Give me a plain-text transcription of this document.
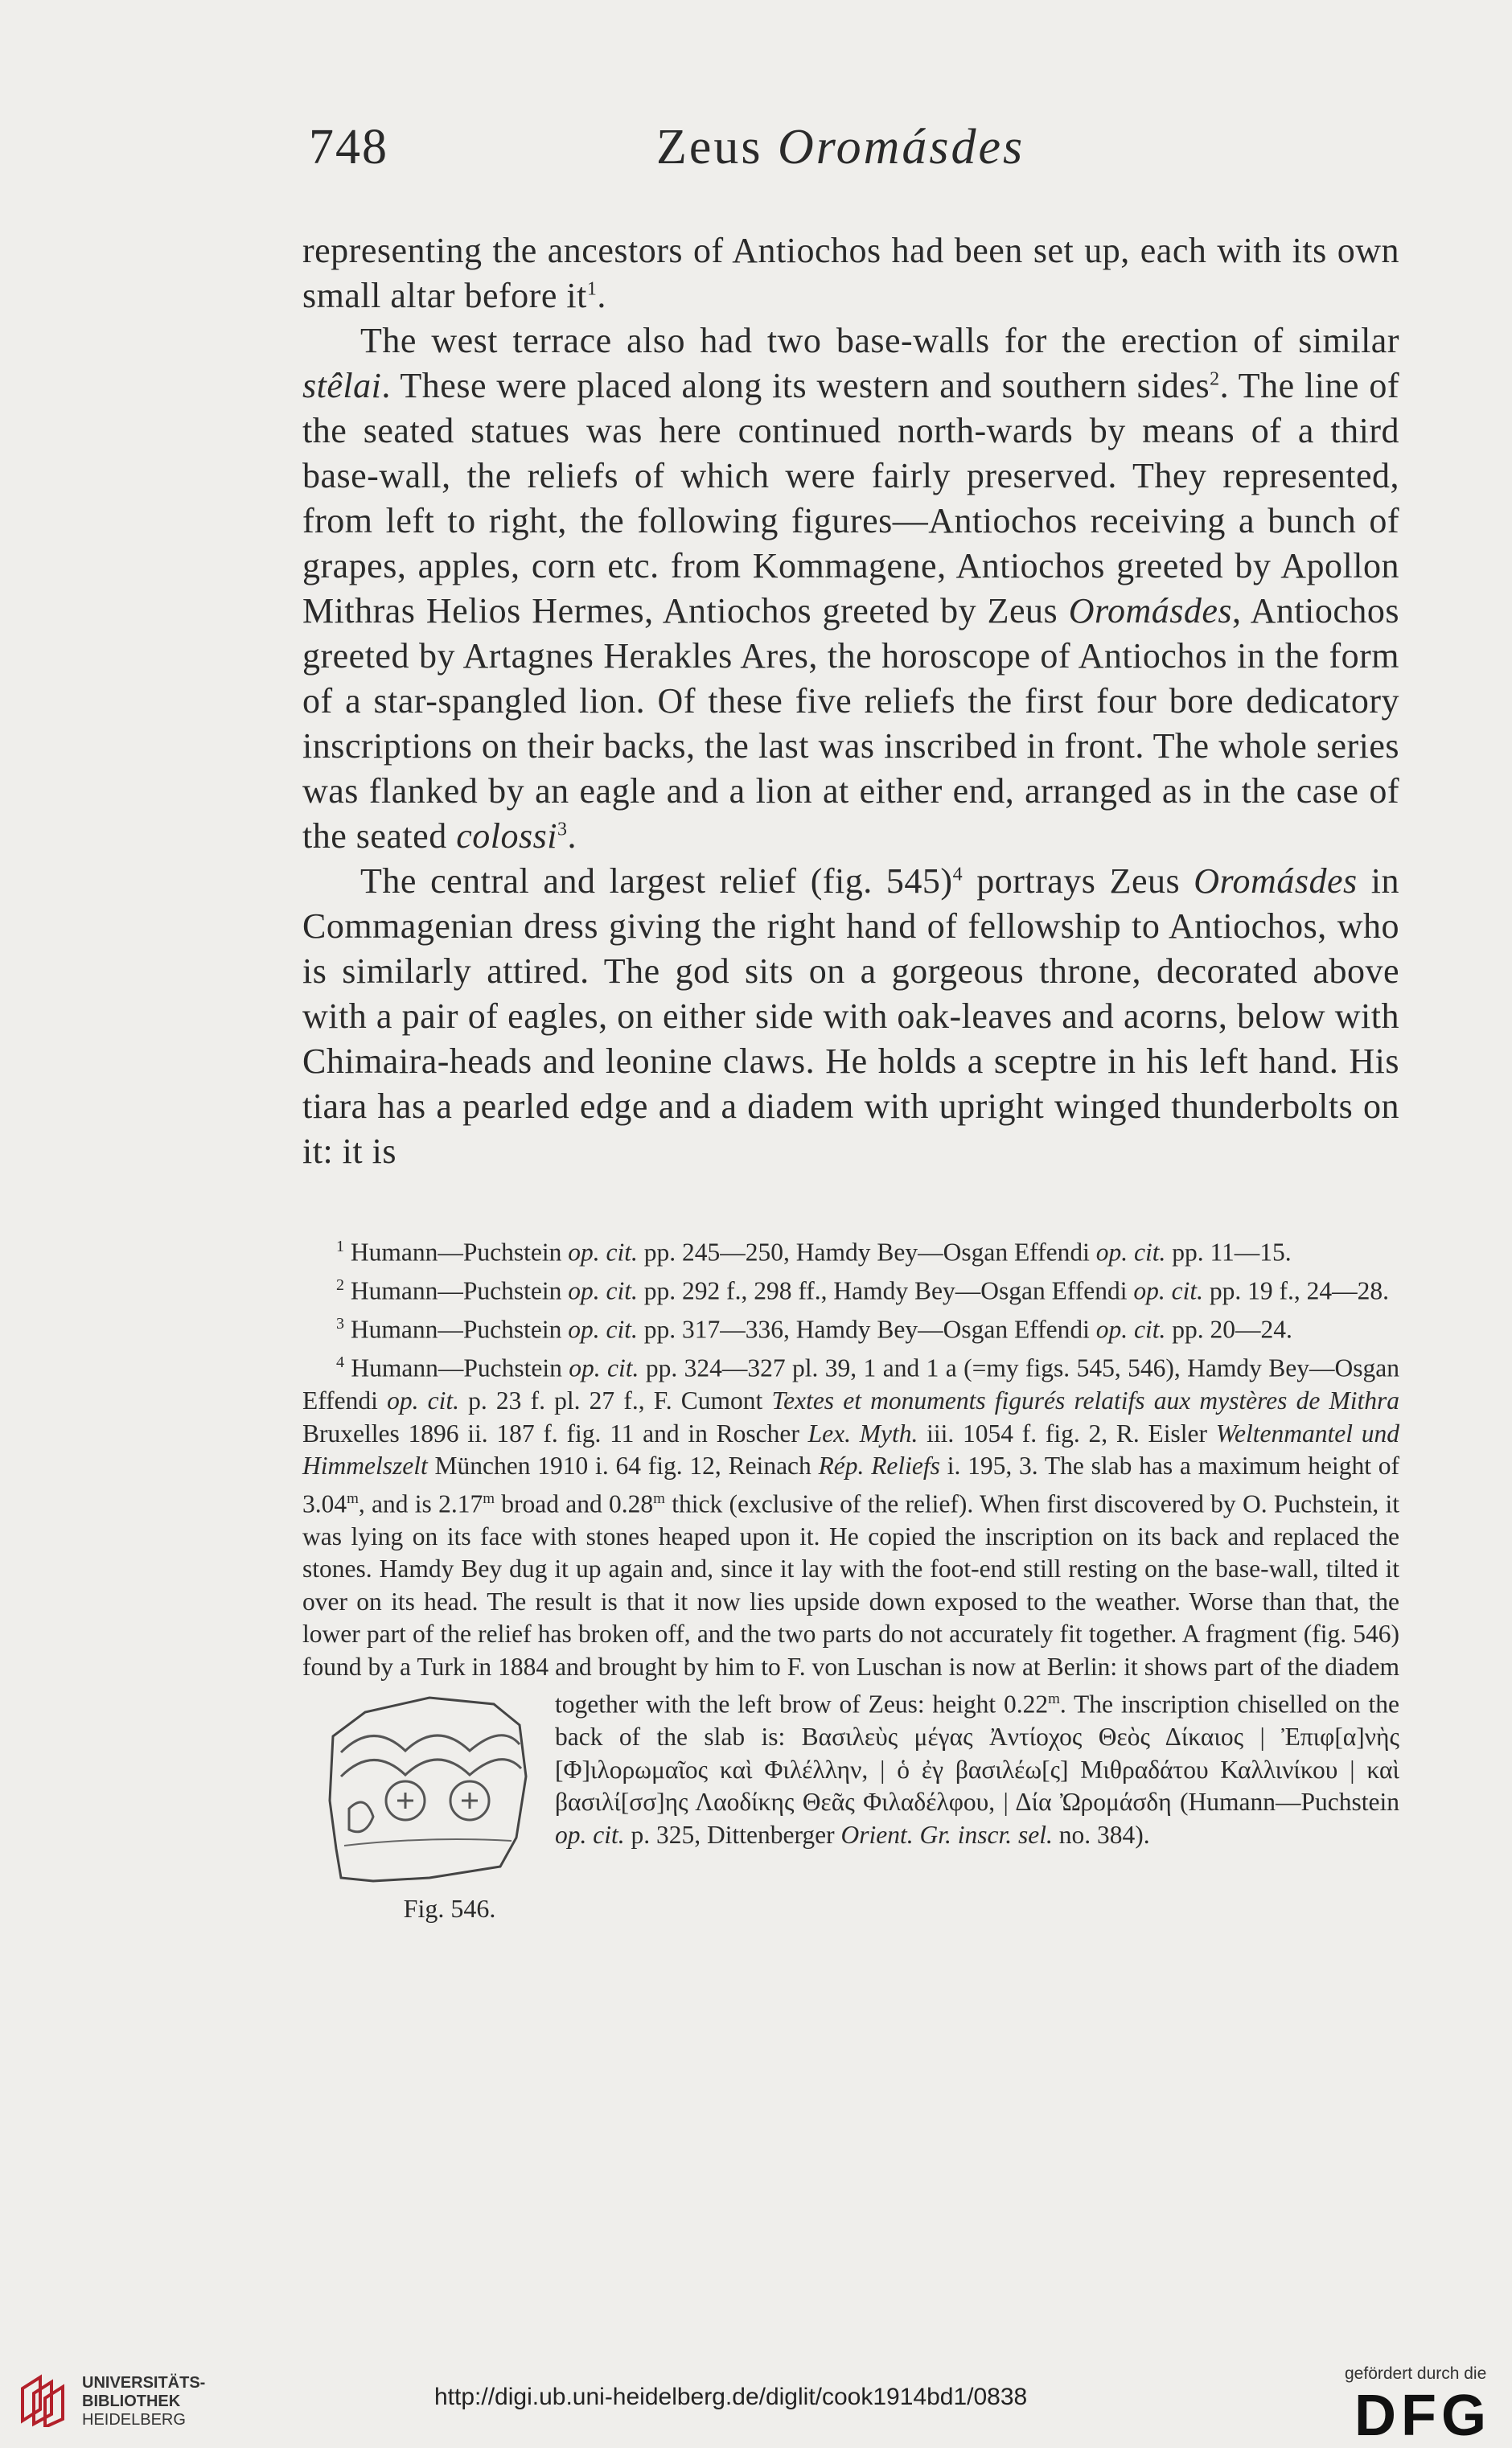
748	Zeus Oromásdes

representing the ancestors of Antiochos had been set up, each with its own small altar before $it^1$.

The west terrace also had two base-walls for the erection of similar stêlai. These were placed along its western and southern sides$^2$. The line of the seated statues was here continued north-wards by means of a third base-wall, the reliefs of which were fairly preserved. They represented, from left to right, the following figures—Antiochos receiving a bunch of grapes, apples, corn etc. from Kommagene, Antiochos greeted by Apollon Mithras Helios Hermes, Antiochos greeted by Zeus Oromásdes, Antiochos greeted by Artagnes Herakles Ares, the horoscope of Antiochos in the form of a star-spangled lion. Of these five reliefs the first four bore dedicatory inscriptions on their backs, the last was inscribed in front. The whole series was flanked by an eagle and a lion at either end, arranged as in the case of the seated colossi$^3$.

The central and largest relief (fig. 545)$^4$ portrays Zeus Oromásdes in Commagenian dress giving the right hand of fellowship to Antiochos, who is similarly attired. The god sits on a gorgeous throne, decorated above with a pair of eagles, on either side with oak-leaves and acorns, below with Chimaira-heads and leonine claws. He holds a sceptre in his left hand. His tiara has a pearled edge and a diadem with upright winged thunderbolts on it: it is

$^1$ Humann—Puchstein op. cit. pp. 245—250, Hamdy Bey—Osgan Effendi op. cit. pp. 11—15.

$^2$ Humann—Puchstein op. cit. pp. 292 f., 298 ff., Hamdy Bey—Osgan Effendi op. cit. pp. 19 f., 24—28.

$^3$ Humann—Puchstein op. cit. pp. 317—336, Hamdy Bey—Osgan Effendi op. cit. pp. 20—24.

$^4$ Humann—Puchstein op. cit. pp. 324—327 pl. 39, 1 and 1 a (=my figs. 545, 546), Hamdy Bey—Osgan Effendi op. cit. p. 23 f. pl. 27 f., F. Cumont Textes et monuments figurés relatifs aux mystères de Mithra Bruxelles 1896 ii. 187 f. fig. 11 and in Roscher Lex. Myth. iii. 1054 f. fig. 2, R. Eisler Weltenmantel und Himmelszelt München 1910 i. 64 fig. 12, Reinach Rép. Reliefs i. 195, 3. The slab has a maximum height of 3.04$^m$, and is 2.17$^m$ broad and 0.28$^m$ thick (exclusive of the relief). When first discovered by O. Puchstein, it was lying on its face with stones heaped upon it. He copied the inscription on its back and replaced the stones. Hamdy Bey dug it up again and, since it lay with the foot-end still resting on the base-wall, tilted it over on its head. The result is that it now lies upside down exposed to the weather. Worse than that, the lower part of the relief has broken off, and the two parts do not accurately fit together. A fragment (fig. 546) found by a Turk in 1884 and brought by him to F. von Luschan is now at Berlin: it shows part of the diadem together with the left brow of Zeus: height 0.22
Fig. 546.
$^m$. The inscription chiselled on the back of the slab is: Βασιλεὺς μέγας Ἀντίοχος Θεὸς Δίκαιος | Ἐπιφ[α]νὴς [Φ]ιλορωμαῖος καὶ Φιλέλλην, | ὁ ἐγ βασιλέω[ς] Μιθραδάτου Καλλινίκου | καὶ βασιλί[σσ]ης Λαοδίκης Θεᾶς Φιλαδέλφου, | Δία Ὠρομάσδη (Humann—Puchstein op. cit. p. 325, Dittenberger Orient. Gr. inscr. sel. no. 384).

UNIVERSITÄTS-
BIBLIOTHEK
HEIDELBERG
http://digi.ub.uni-heidelberg.de/diglit/cook1914bd1/0838
gefördert durch die
DFG
